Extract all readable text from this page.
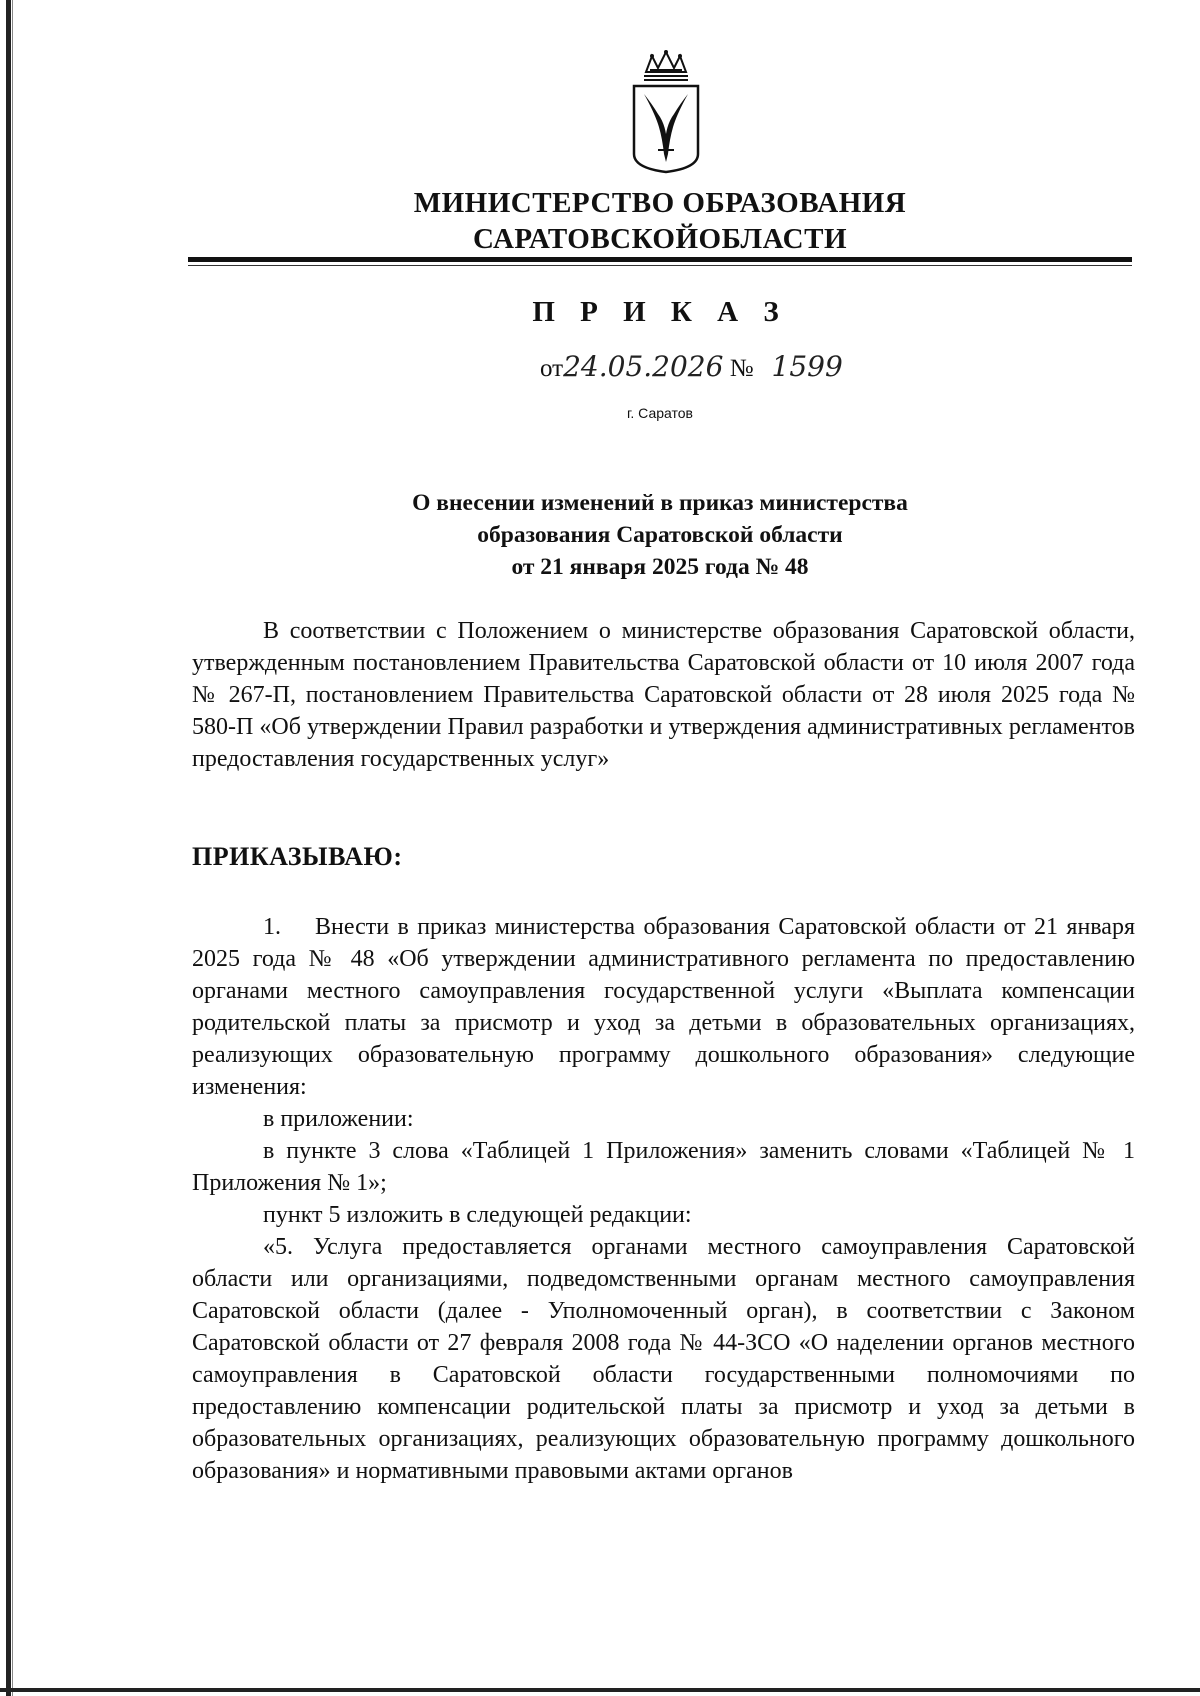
МИНИСТЕРСТВО ОБРАЗОВАНИЯ
САРАТОВСКОЙОБЛАСТИ
П Р И К А З
от24.05.2026 № 1599
г. Саратов
О внесении изменений в приказ министерства
образования Саратовской области
от 21 января 2025 года № 48

В соответствии с Положением о министерстве образования Саратовской области, утвержденным постановлением Правительства Саратовской области от 10 июля 2007 года № 267-П, постановлением Правительства Саратовской области от 28 июля 2025 года № 580-П «Об утверждении Правил разработки и утверждения административных регламентов предоставления государственных услуг»

ПРИКАЗЫВАЮ:

1. Внести в приказ министерства образования Саратовской области от 21 января 2025 года № 48 «Об утверждении административного регламента по предоставлению органами местного самоуправления государственной услуги «Выплата компенсации родительской платы за присмотр и уход за детьми в образовательных организациях, реализующих образовательную программу дошкольного образования» следующие изменения:

в приложении:

в пункте 3 слова «Таблицей 1 Приложения» заменить словами «Таблицей № 1 Приложения № 1»;

пункт 5 изложить в следующей редакции:

«5. Услуга предоставляется органами местного самоуправления Саратовской области или организациями, подведомственными органам местного самоуправления Саратовской области (далее - Уполномоченный орган), в соответствии с Законом Саратовской области от 27 февраля 2008 года № 44-ЗСО «О наделении органов местного самоуправления в Саратовской области государственными полномочиями по предоставлению компенсации родительской платы за присмотр и уход за детьми в образовательных организациях, реализующих образовательную программу дошкольного образования» и нормативными правовыми актами органов
